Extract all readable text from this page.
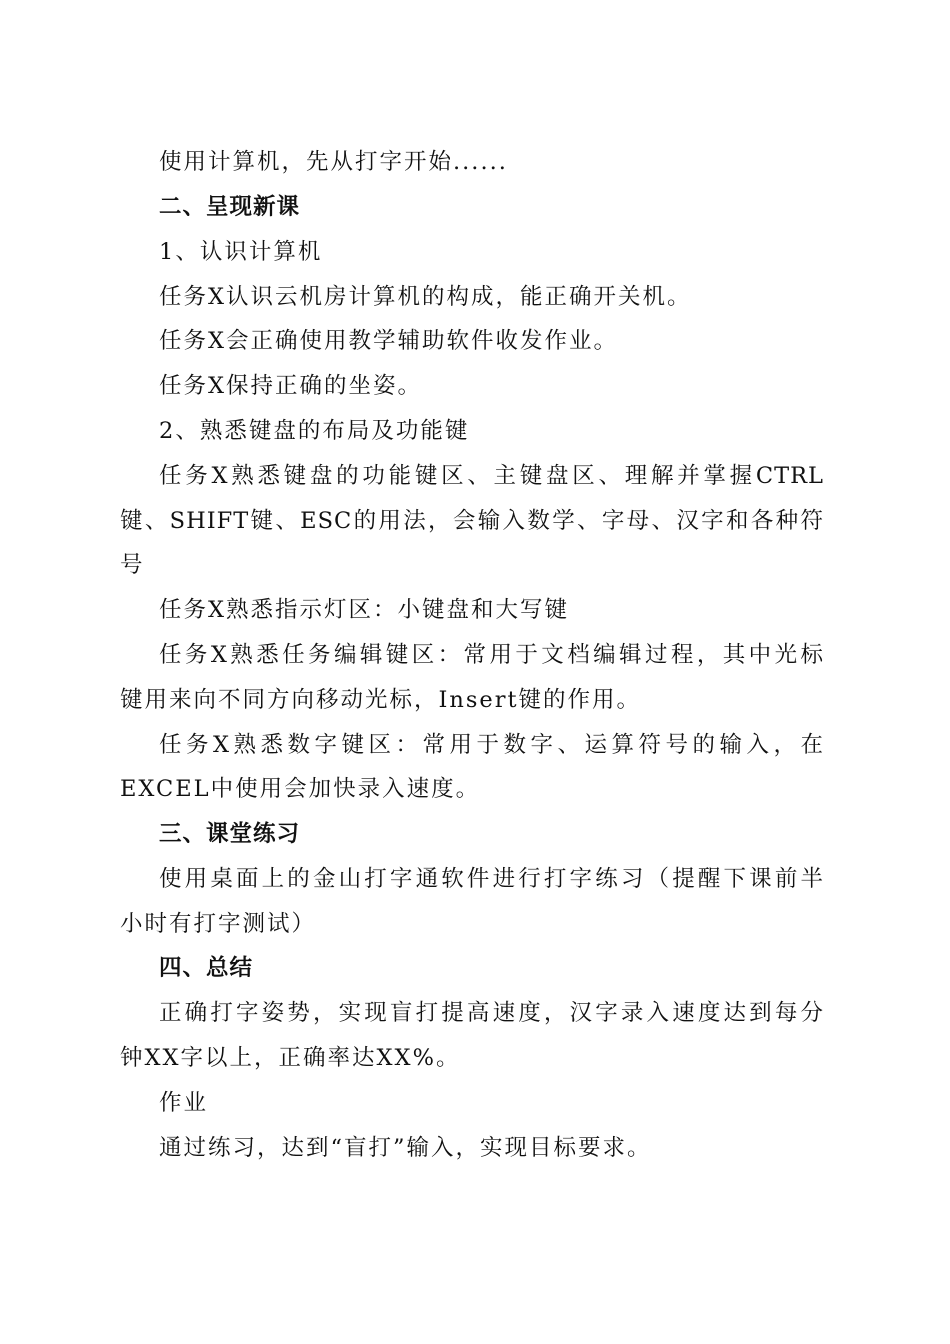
使用计算机，先从打字开始......
二、呈现新课
1、认识计算机
任务X认识云机房计算机的构成，能正确开关机。
任务X会正确使用教学辅助软件收发作业。
任务X保持正确的坐姿。
2、熟悉键盘的布局及功能键
任务X熟悉键盘的功能键区、主键盘区、理解并掌握CTRL
键、SHIFT键、ESC的用法，会输入数学、字母、汉字和各种符
号
任务X熟悉指示灯区：小键盘和大写键
任务X熟悉任务编辑键区：常用于文档编辑过程，其中光标
键用来向不同方向移动光标，Insert键的作用。
任务X熟悉数字键区：常用于数字、运算符号的输入，在
EXCEL中使用会加快录入速度。
三、课堂练习
使用桌面上的金山打字通软件进行打字练习（提醒下课前半
小时有打字测试）
四、总结
正确打字姿势，实现盲打提高速度，汉字录入速度达到每分
钟XX字以上，正确率达XX%。
作业
通过练习，达到“盲打”输入，实现目标要求。
